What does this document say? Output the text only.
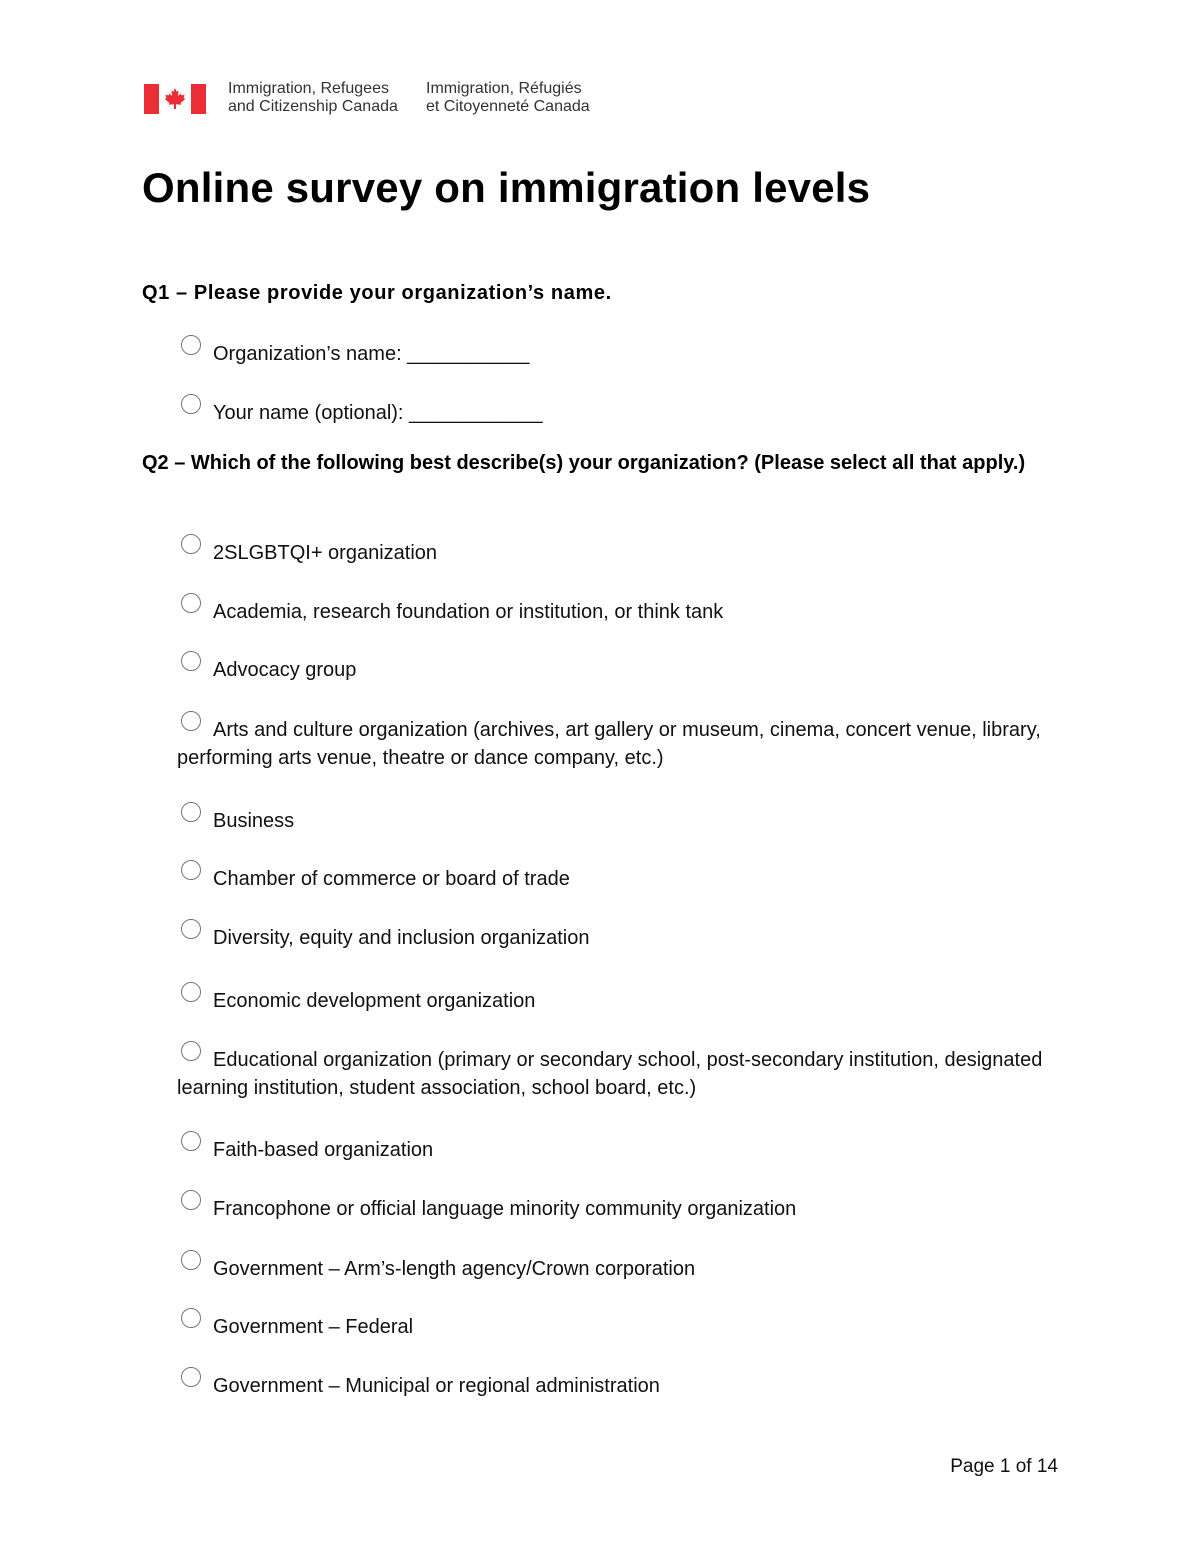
Immigration, Refugees
and Citizenship Canada
Immigration, Réfugiés
et Citoyenneté Canada
Online survey on immigration levels

Q1 – Please provide your organization’s name.

Organization’s name: ___________
Your name (optional): ____________

Q2 – Which of the following best describe(s) your organization? (Please select all that apply.)

2SLGBTQI+ organization
Academia, research foundation or institution, or think tank
Advocacy group
Arts and culture organization (archives, art gallery or museum, cinema, concert venue, library, performing arts venue, theatre or dance company, etc.)
Business
Chamber of commerce or board of trade
Diversity, equity and inclusion organization
Economic development organization
Educational organization (primary or secondary school, post-secondary institution, designated learning institution, student association, school board, etc.)
Faith-based organization
Francophone or official language minority community organization
Government – Arm’s-length agency/Crown corporation
Government – Federal
Government – Municipal or regional administration
Page 1 of 14
